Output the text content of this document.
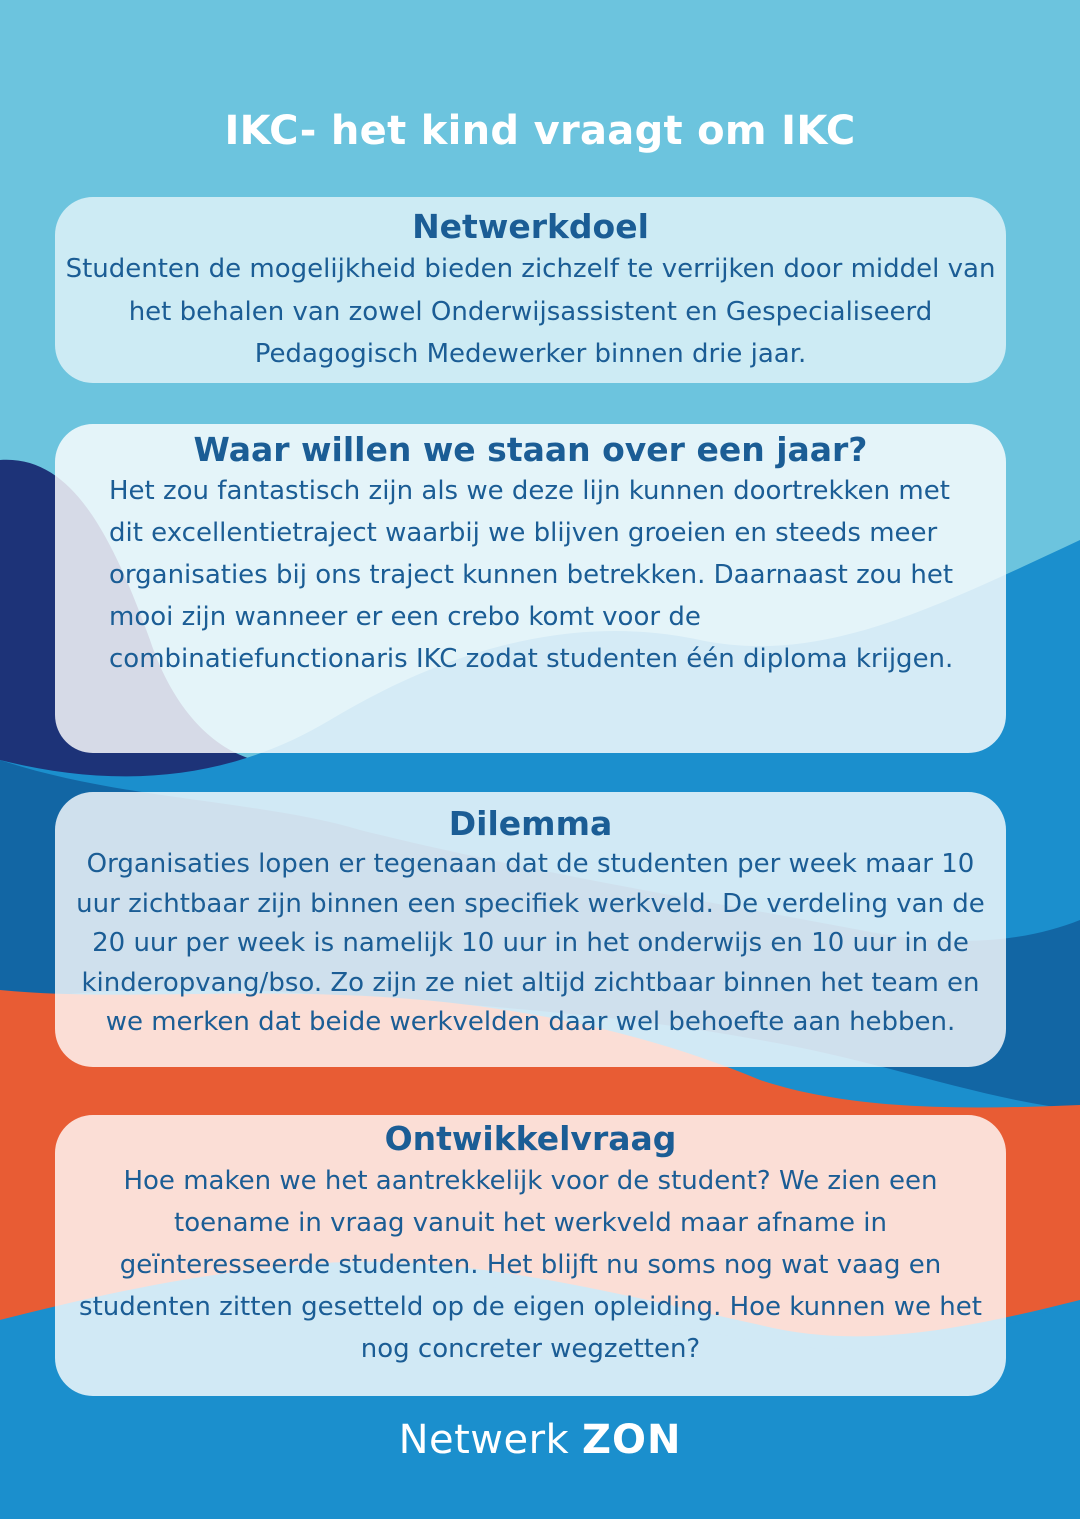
IKC- het kind vraagt om IKC
Netwerkdoel

Studenten de mogelijkheid bieden zichzelf te verrijken door middel van het behalen van zowel Onderwijsassistent en Gespecialiseerd Pedagogisch Medewerker binnen drie jaar.

Waar willen we staan over een jaar?

Het zou fantastisch zijn als we deze lijn kunnen doortrekken met dit excellentietraject waarbij we blijven groeien en steeds meer organisaties bij ons traject kunnen betrekken. Daarnaast zou het mooi zijn wanneer er een crebo komt voor de combinatiefunctionaris IKC zodat studenten één diploma krijgen.

Dilemma

Organisaties lopen er tegenaan dat de studenten per week maar 10 uur zichtbaar zijn binnen een specifiek werkveld. De verdeling van de 20 uur per week is namelijk 10 uur in het onderwijs en 10 uur in de kinderopvang/bso. Zo zijn ze niet altijd zichtbaar binnen het team en we merken dat beide werkvelden daar wel behoefte aan hebben.

Ontwikkelvraag

Hoe maken we het aantrekkelijk voor de student? We zien een toename in vraag vanuit het werkveld maar afname in geïnteresseerde studenten. Het blijft nu soms nog wat vaag en studenten zitten gesetteld op de eigen opleiding. Hoe kunnen we het nog concreter wegzetten?

Netwerk ZON
